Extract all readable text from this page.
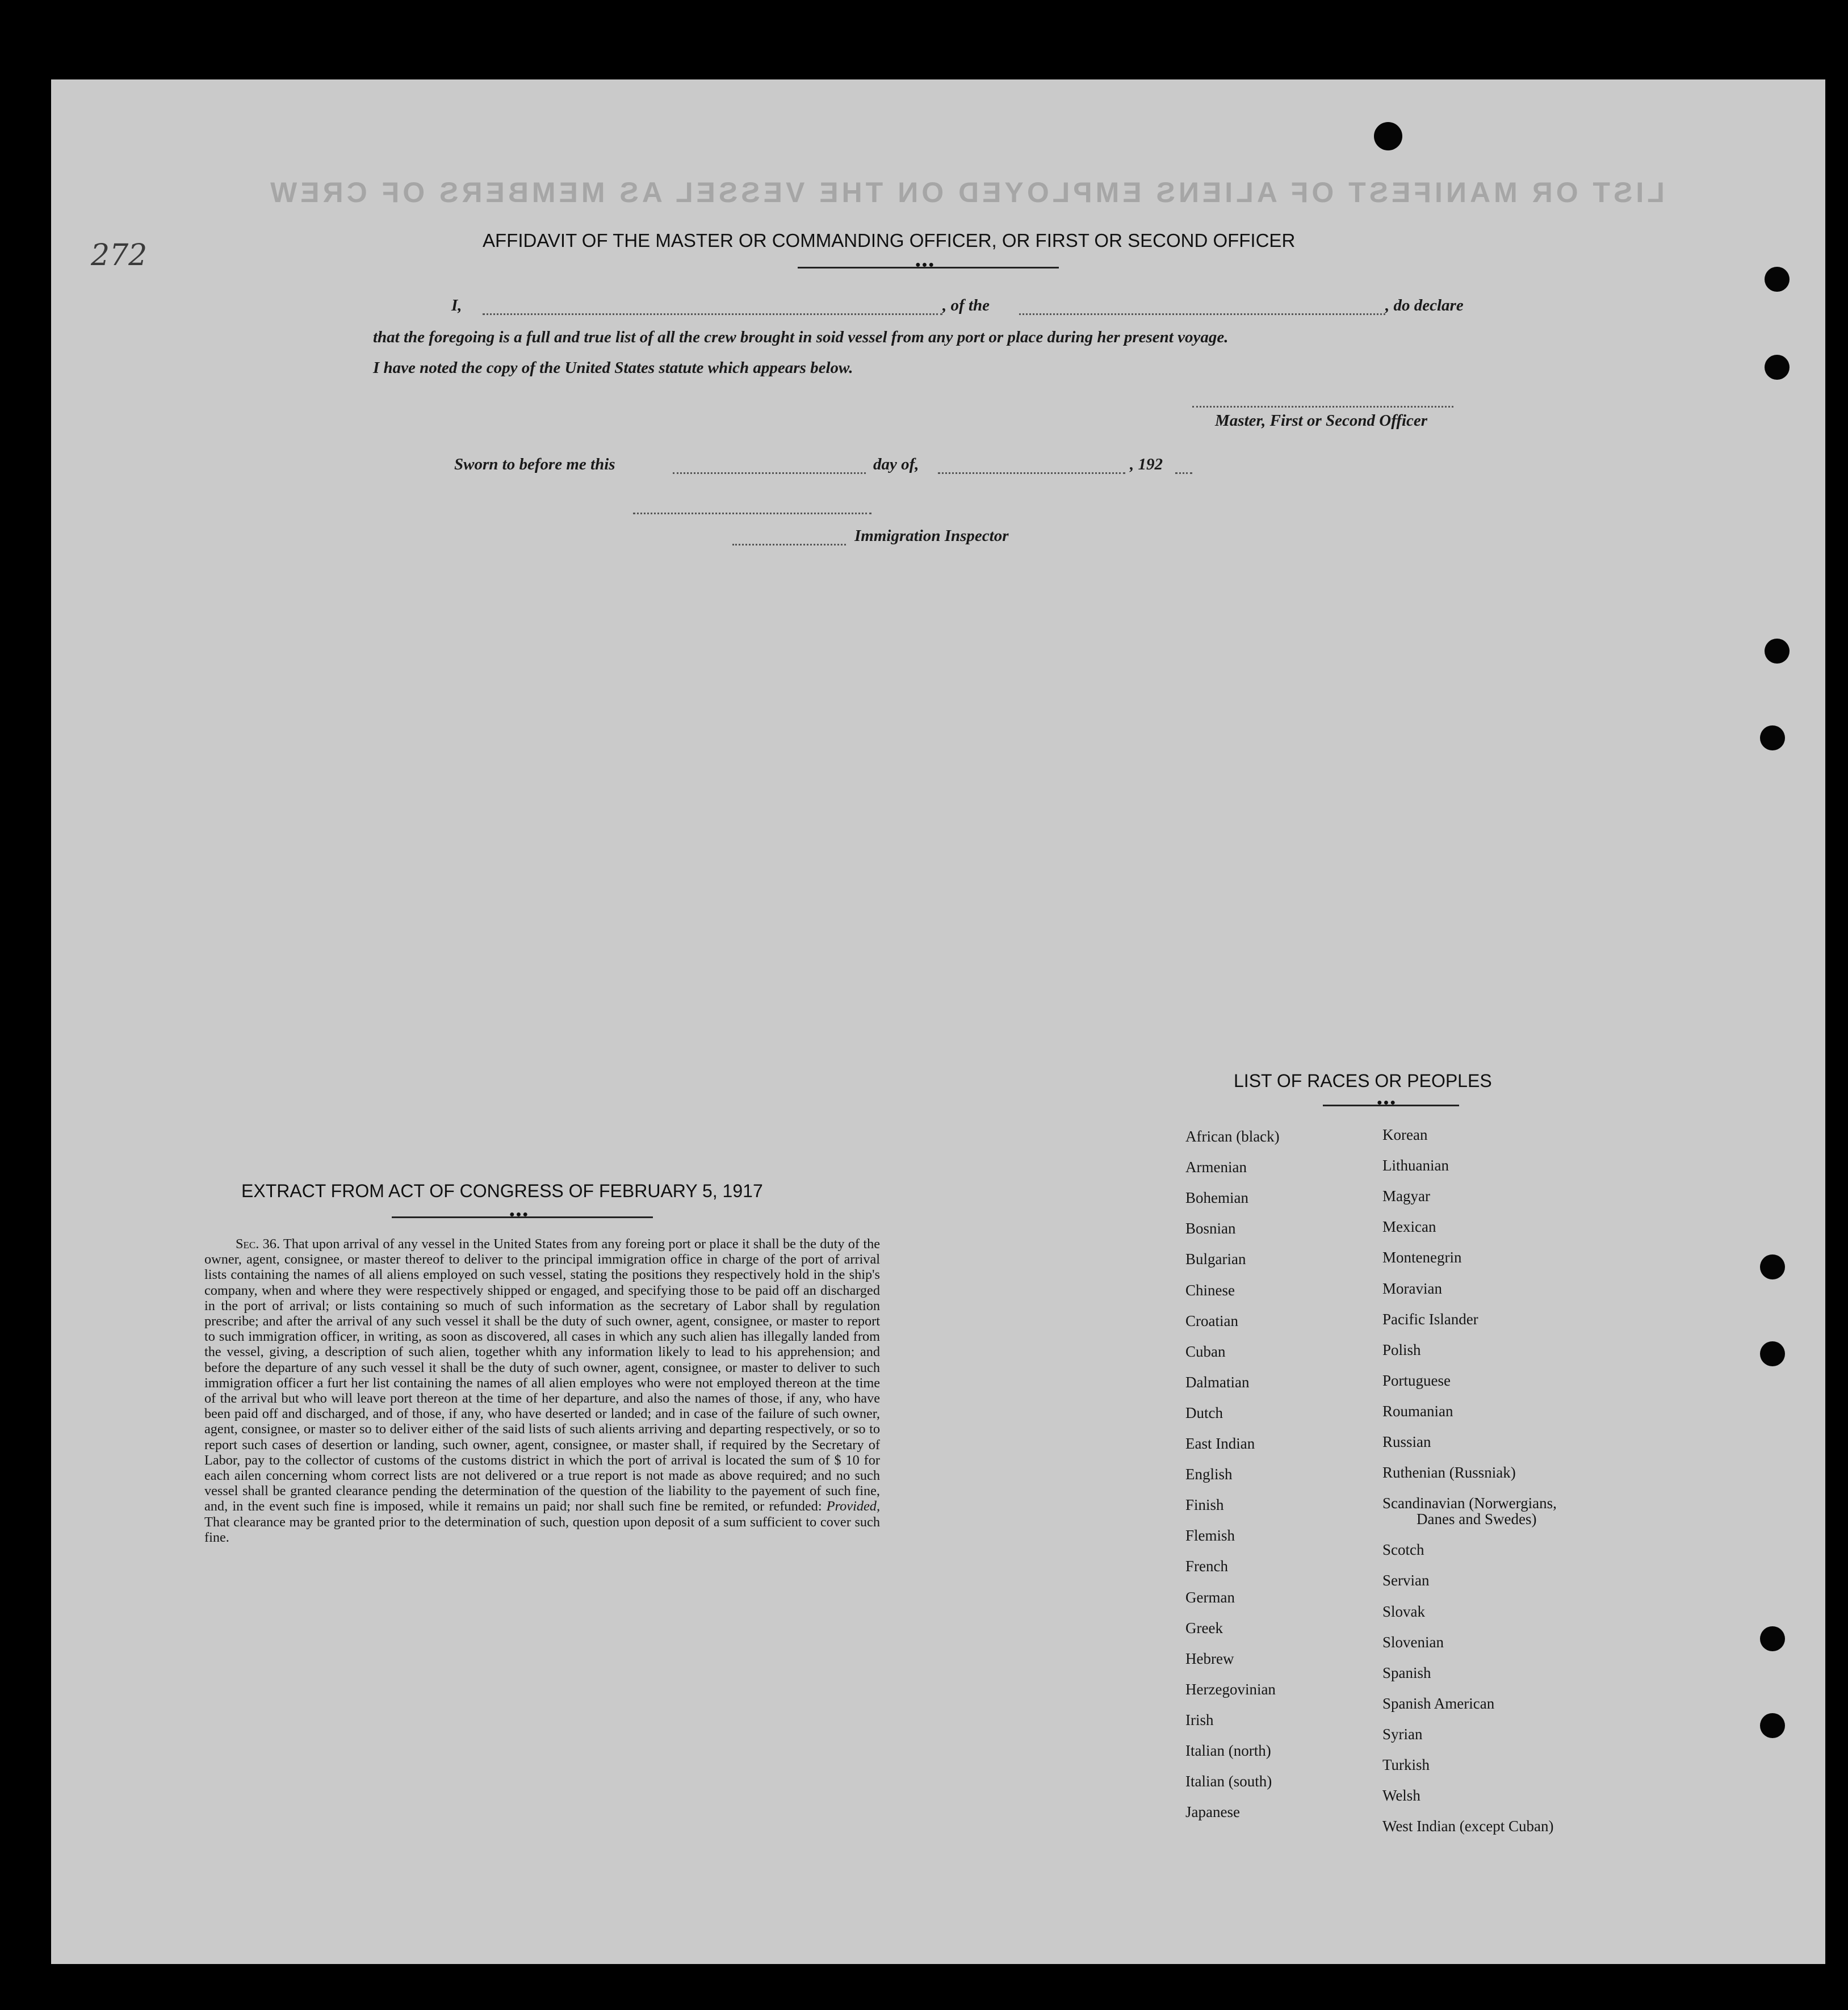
LIST OR MANIFEST OF ALIENS EMPLOYED ON THE VESSEL AS MEMBERS OF CREW
272	AFFIDAVIT OF THE MASTER OR COMMANDING OFFICER, OR FIRST OR SECOND OFFICER
●●●
I,	, of the	, do declare
that the foregoing is a full and true list of all the crew brought in soid vessel from any port or place during her present voyage.
I have noted the copy of the United States statute which appears below.
Master, First or Second Officer
Sworn to before me this	day of,	, 192
Immigration Inspector
EXTRACT FROM ACT OF CONGRESS OF FEBRUARY 5, 1917
●●●
Sec. 36. That upon arrival of any vessel in the United States from any foreing port or place it shall be the duty of the owner, agent, consignee, or master thereof to deliver to the principal immigration office in charge of the port of arrival lists containing the names of all aliens employed on such vessel, stating the positions they respectively hold in the ship's company, when and where they were respectively shipped or engaged, and specifying those to be paid off an discharged in the port of arrival; or lists containing so much of such information as the secretary of Labor shall by regulation prescribe; and after the arrival of any such vessel it shall be the duty of such owner, agent, consignee, or master to report to such immigration officer, in writing, as soon as discovered, all cases in which any such alien has illegally landed from the vessel, giving, a description of such alien, together whith any information likely to lead to his apprehension; and before the departure of any such vessel it shall be the duty of such owner, agent, consignee, or master to deliver to such immigration officer a furt her list containing the names of all alien employes who were not employed thereon at the time of the arrival but who will leave port thereon at the time of her departure, and also the names of those, if any, who have been paid off and discharged, and of those, if any, who have deserted or landed; and in case of the failure of such owner, agent, consignee, or master so to deliver either of the said lists of such alients arriving and departing respectively, or so to report such cases of desertion or landing, such owner, agent, consignee, or master shall, if required by the Secretary of Labor, pay to the collector of customs of the customs district in which the port of arrival is located the sum of $ 10 for each ailen concerning whom correct lists are not delivered or a true report is not made as above required; and no such vessel shall be granted clearance pending the determination of the question of the liability to the payement of such fine, and, in the event such fine is imposed, while it remains un paid; nor shall such fine be remited, or refunded: Provided, That clearance may be granted prior to the determination of such, question upon deposit of a sum sufficient to cover such fine.
LIST OF RACES OR PEOPLES
●●●
African (black)
Armenian
Bohemian
Bosnian
Bulgarian
Chinese
Croatian
Cuban
Dalmatian
Dutch
East Indian
English
Finish
Flemish
French
German
Greek
Hebrew
Herzegovinian
Irish
Italian (north)
Italian (south)
Japanese
Korean
Lithuanian
Magyar
Mexican
Montenegrin
Moravian
Pacific Islander
Polish
Portuguese
Roumanian
Russian
Ruthenian (Russniak)
Scandinavian (Norwergians,
Danes and Swedes)
Scotch
Servian
Slovak
Slovenian
Spanish
Spanish American
Syrian
Turkish
Welsh
West Indian (except Cuban)
